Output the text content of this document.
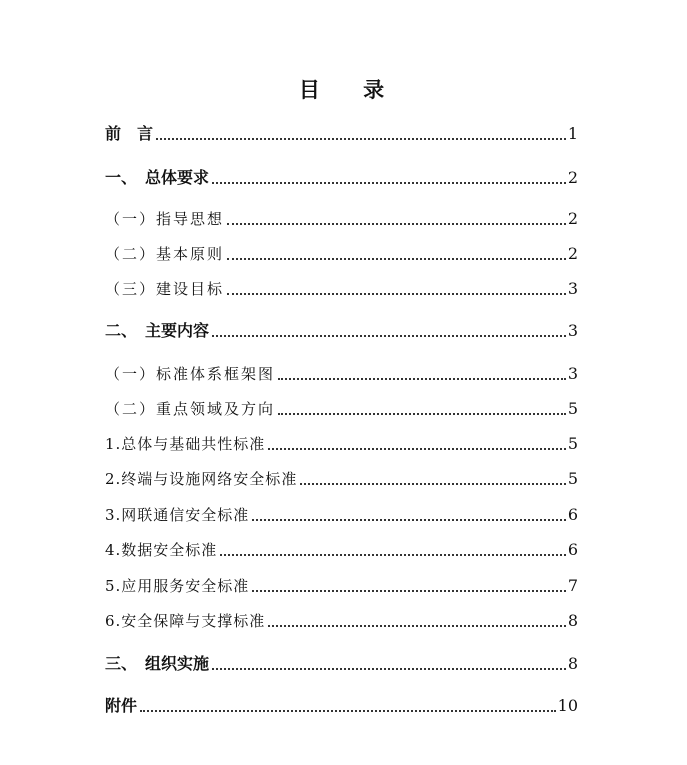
目 录
前　言	1
一、　总体要求	2
（一）指导思想	2
（二）基本原则	2
（三）建设目标	3
二、　主要内容	3
（一）标准体系框架图	3
（二）重点领域及方向	5
1.总体与基础共性标准	5
2.终端与设施网络安全标准	5
3.网联通信安全标准	6
4.数据安全标准	6
5.应用服务安全标准	7
6.安全保障与支撑标准	8
三、　组织实施	8
附件	10
